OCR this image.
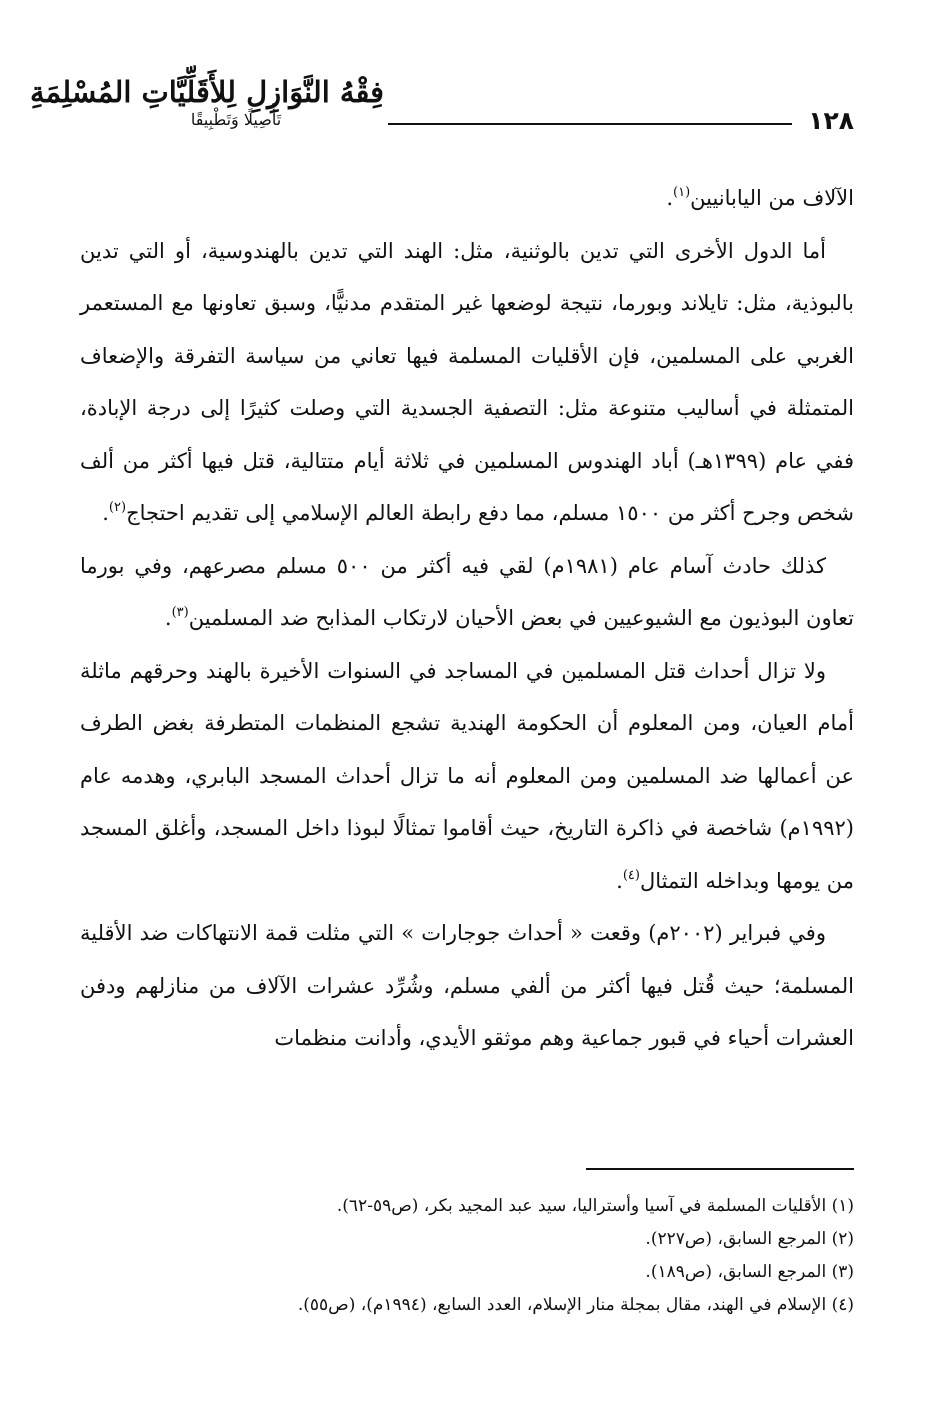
١٢٨
فِقْهُ النَّوَازِلِ لِلأَقَلِّيَّاتِ المُسْلِمَةِ
تَأْصِيلًا وَتَطْبِيقًا

الآلاف من اليابانيين$^{(١)}$.

أما الدول الأخرى التي تدين بالوثنية، مثل: الهند التي تدين بالهندوسية، أو التي تدين بالبوذية، مثل: تايلاند وبورما، نتيجة لوضعها غير المتقدم مدنيًّا، وسبق تعاونها مع المستعمر الغربي على المسلمين، فإن الأقليات المسلمة فيها تعاني من سياسة التفرقة والإضعاف المتمثلة في أساليب متنوعة مثل: التصفية الجسدية التي وصلت كثيرًا إلى درجة الإبادة، ففي عام (١٣٩٩هـ) أباد الهندوس المسلمين في ثلاثة أيام متتالية، قتل فيها أكثر من ألف شخص وجرح أكثر من ١٥٠٠ مسلم، مما دفع رابطة العالم الإسلامي إلى تقديم احتجاج$^{(٢)}$.

كذلك حادث آسام عام (١٩٨١م) لقي فيه أكثر من ٥٠٠ مسلم مصرعهم، وفي بورما تعاون البوذيون مع الشيوعيين في بعض الأحيان لارتكاب المذابح ضد المسلمين$^{(٣)}$.

ولا تزال أحداث قتل المسلمين في المساجد في السنوات الأخيرة بالهند وحرقهم ماثلة أمام العيان، ومن المعلوم أن الحكومة الهندية تشجع المنظمات المتطرفة بغض الطرف عن أعمالها ضد المسلمين ومن المعلوم أنه ما تزال أحداث المسجد البابري، وهدمه عام (١٩٩٢م) شاخصة في ذاكرة التاريخ، حيث أقاموا تمثالًا لبوذا داخل المسجد، وأغلق المسجد من يومها وبداخله التمثال$^{(٤)}$.

وفي فبراير (٢٠٠٢م) وقعت « أحداث جوجارات » التي مثلت قمة الانتهاكات ضد الأقلية المسلمة؛ حيث قُتل فيها أكثر من ألفي مسلم، وشُرِّد عشرات الآلاف من منازلهم ودفن العشرات أحياء في قبور جماعية وهم موثقو الأيدي، وأدانت منظمات

(١) الأقليات المسلمة في آسيا وأستراليا، سيد عبد المجيد بكر، (ص٥٩-٦٢).

(٢) المرجع السابق، (ص٢٢٧).

(٣) المرجع السابق، (ص١٨٩).

(٤) الإسلام في الهند، مقال بمجلة منار الإسلام، العدد السابع، (١٩٩٤م)، (ص٥٥).
